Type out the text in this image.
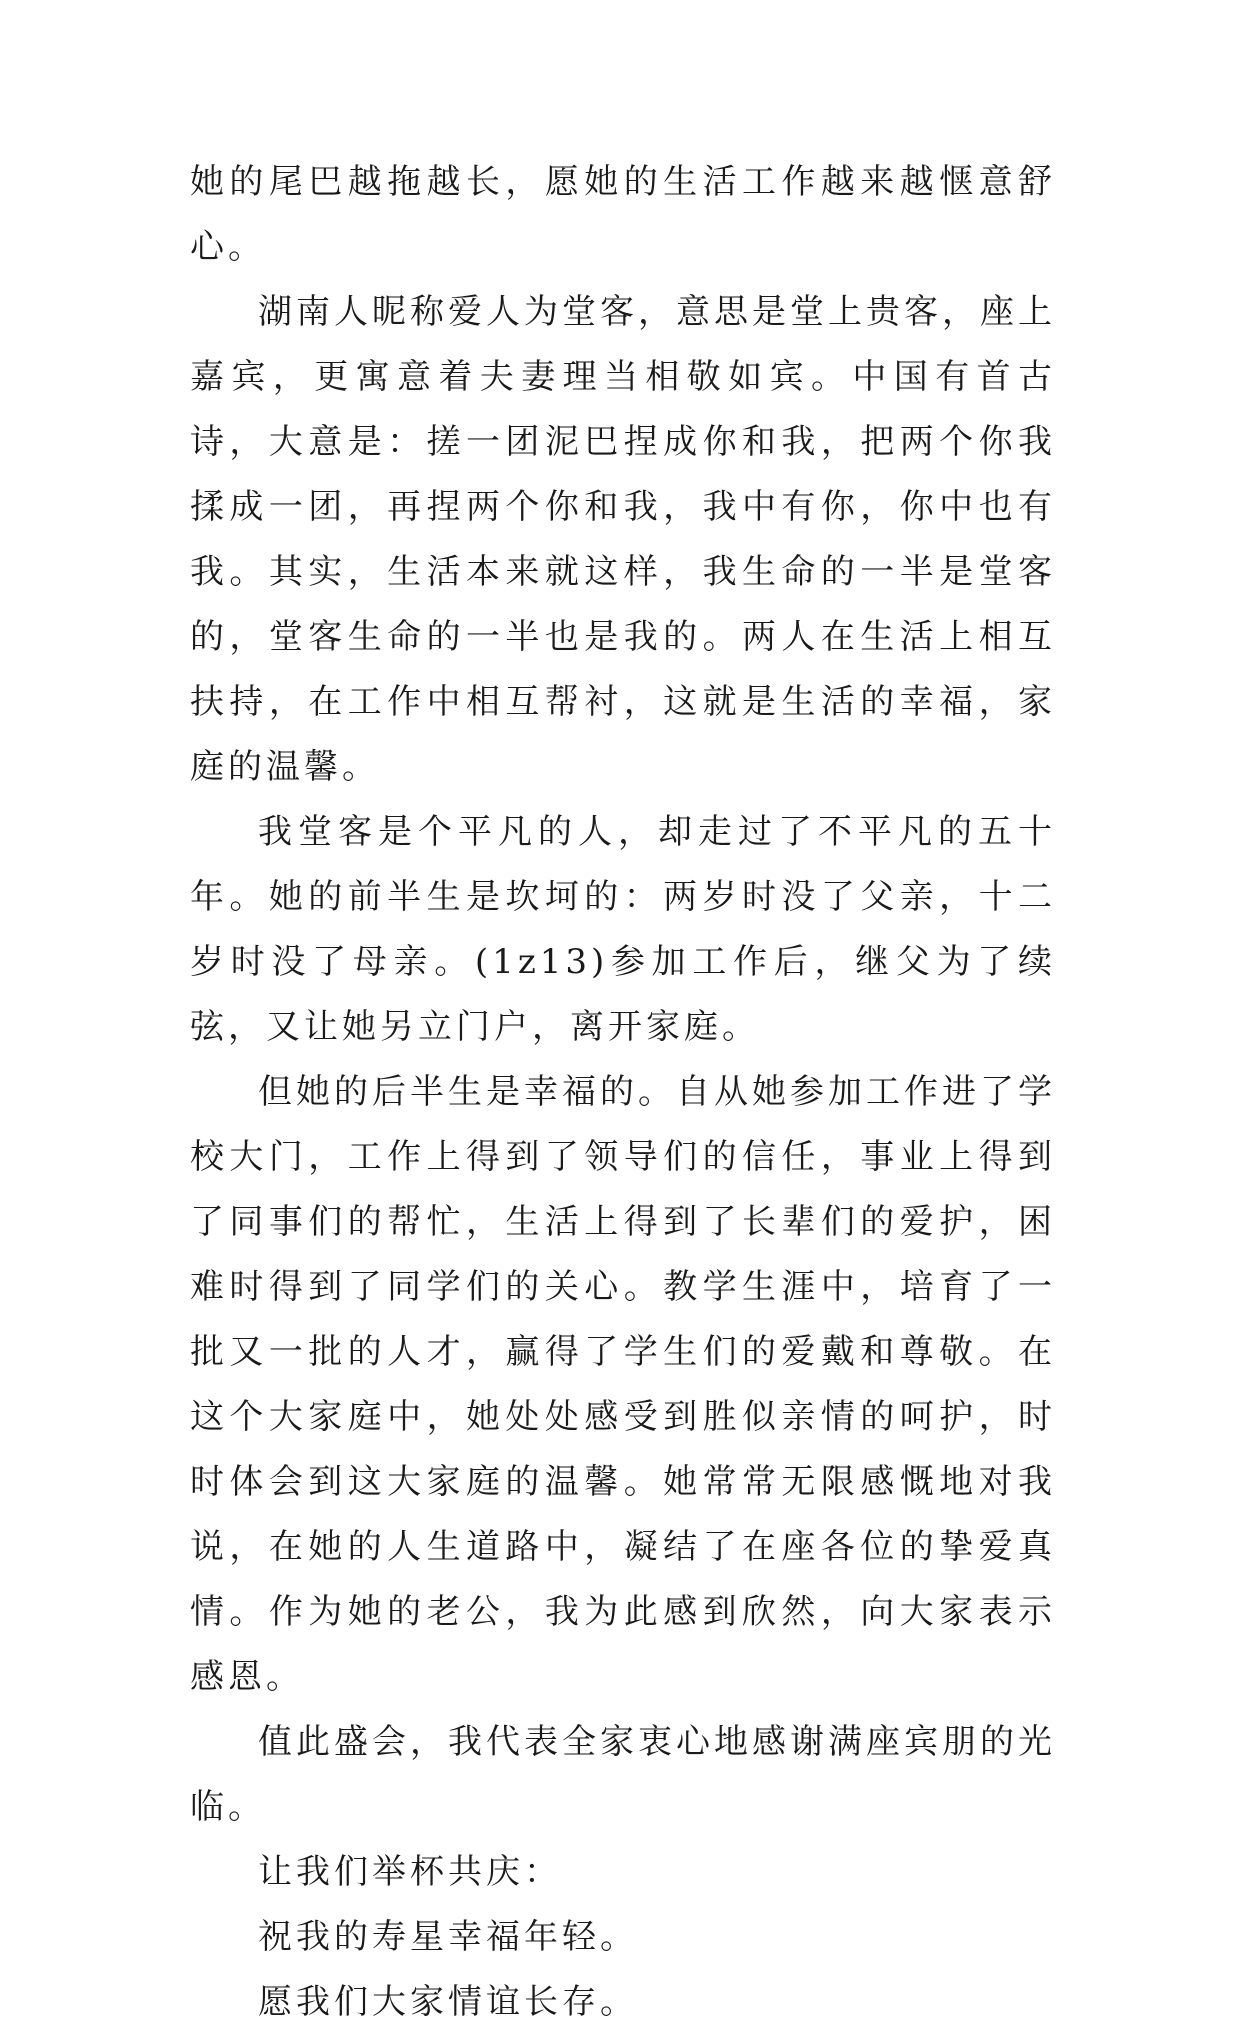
她的尾巴越拖越长，愿她的生活工作越来越惬意舒心。

湖南人昵称爱人为堂客，意思是堂上贵客，座上嘉宾，更寓意着夫妻理当相敬如宾。中国有首古诗，大意是：搓一团泥巴捏成你和我，把两个你我揉成一团，再捏两个你和我，我中有你，你中也有我。其实，生活本来就这样，我生命的一半是堂客的，堂客生命的一半也是我的。两人在生活上相互扶持，在工作中相互帮衬，这就是生活的幸福，家庭的温馨。

我堂客是个平凡的人，却走过了不平凡的五十年。她的前半生是坎坷的：两岁时没了父亲，十二岁时没了母亲。(1z13)参加工作后，继父为了续弦，又让她另立门户，离开家庭。

但她的后半生是幸福的。自从她参加工作进了学校大门，工作上得到了领导们的信任，事业上得到了同事们的帮忙，生活上得到了长辈们的爱护，困难时得到了同学们的关心。教学生涯中，培育了一批又一批的人才，赢得了学生们的爱戴和尊敬。在这个大家庭中，她处处感受到胜似亲情的呵护，时时体会到这大家庭的温馨。她常常无限感慨地对我说，在她的人生道路中，凝结了在座各位的挚爱真情。作为她的老公，我为此感到欣然，向大家表示感恩。

值此盛会，我代表全家衷心地感谢满座宾朋的光临。

让我们举杯共庆：

祝我的寿星幸福年轻。

愿我们大家情谊长存。
